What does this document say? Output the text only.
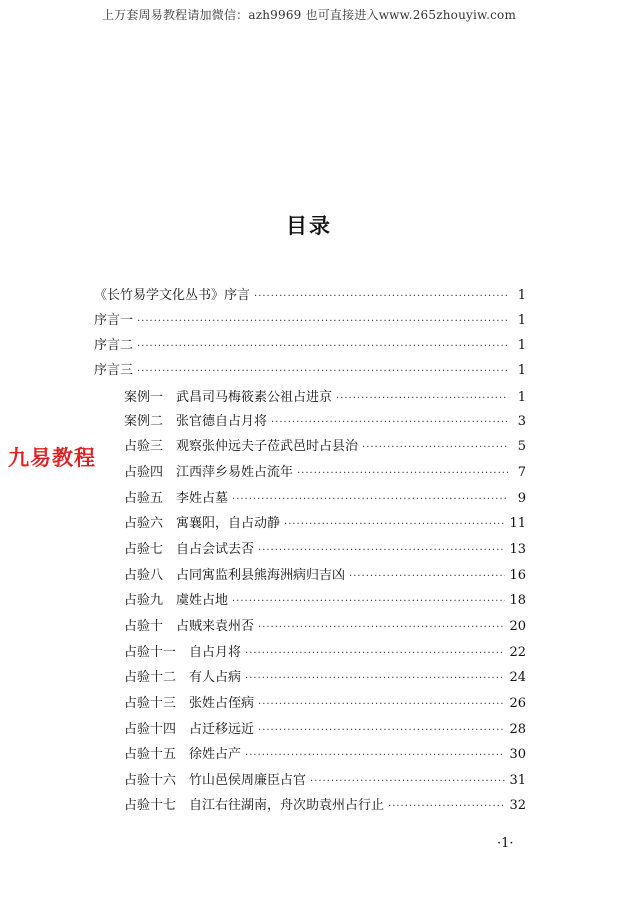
上万套周易教程请加微信：azh9969 也可直接进入www.265zhouyiw.com
目录
《长竹易学文化丛书》序言 ·····	1
序言一 ·····	1
序言二 ·····	1
序言三 ·····	1
案例一　武昌司马梅筱素公祖占进京 ·····	1
案例二　张官德自占月将 ·····	3
占验三　观察张仲远夫子莅武邑时占县治 ·····	5
占验四　江西萍乡易姓占流年 ·····	7
占验五　李姓占墓 ·····	9
占验六　寓襄阳，自占动静 ·····	11
占验七　自占会试去否 ·····	13
占验八　占同寓监利县熊海洲病归吉凶 ·····	16
占验九　虞姓占地 ·····	18
占验十　占贼来袁州否 ·····	20
占验十一　自占月将 ·····	22
占验十二　有人占病 ·····	24
占验十三　张姓占侄病 ·····	26
占验十四　占迁移远近 ·····	28
占验十五　徐姓占产 ·····	30
占验十六　竹山邑侯周廉臣占官 ·····	31
占验十七　自江右往湖南，舟次助袁州占行止 ·····	32
九易教程
·1·
